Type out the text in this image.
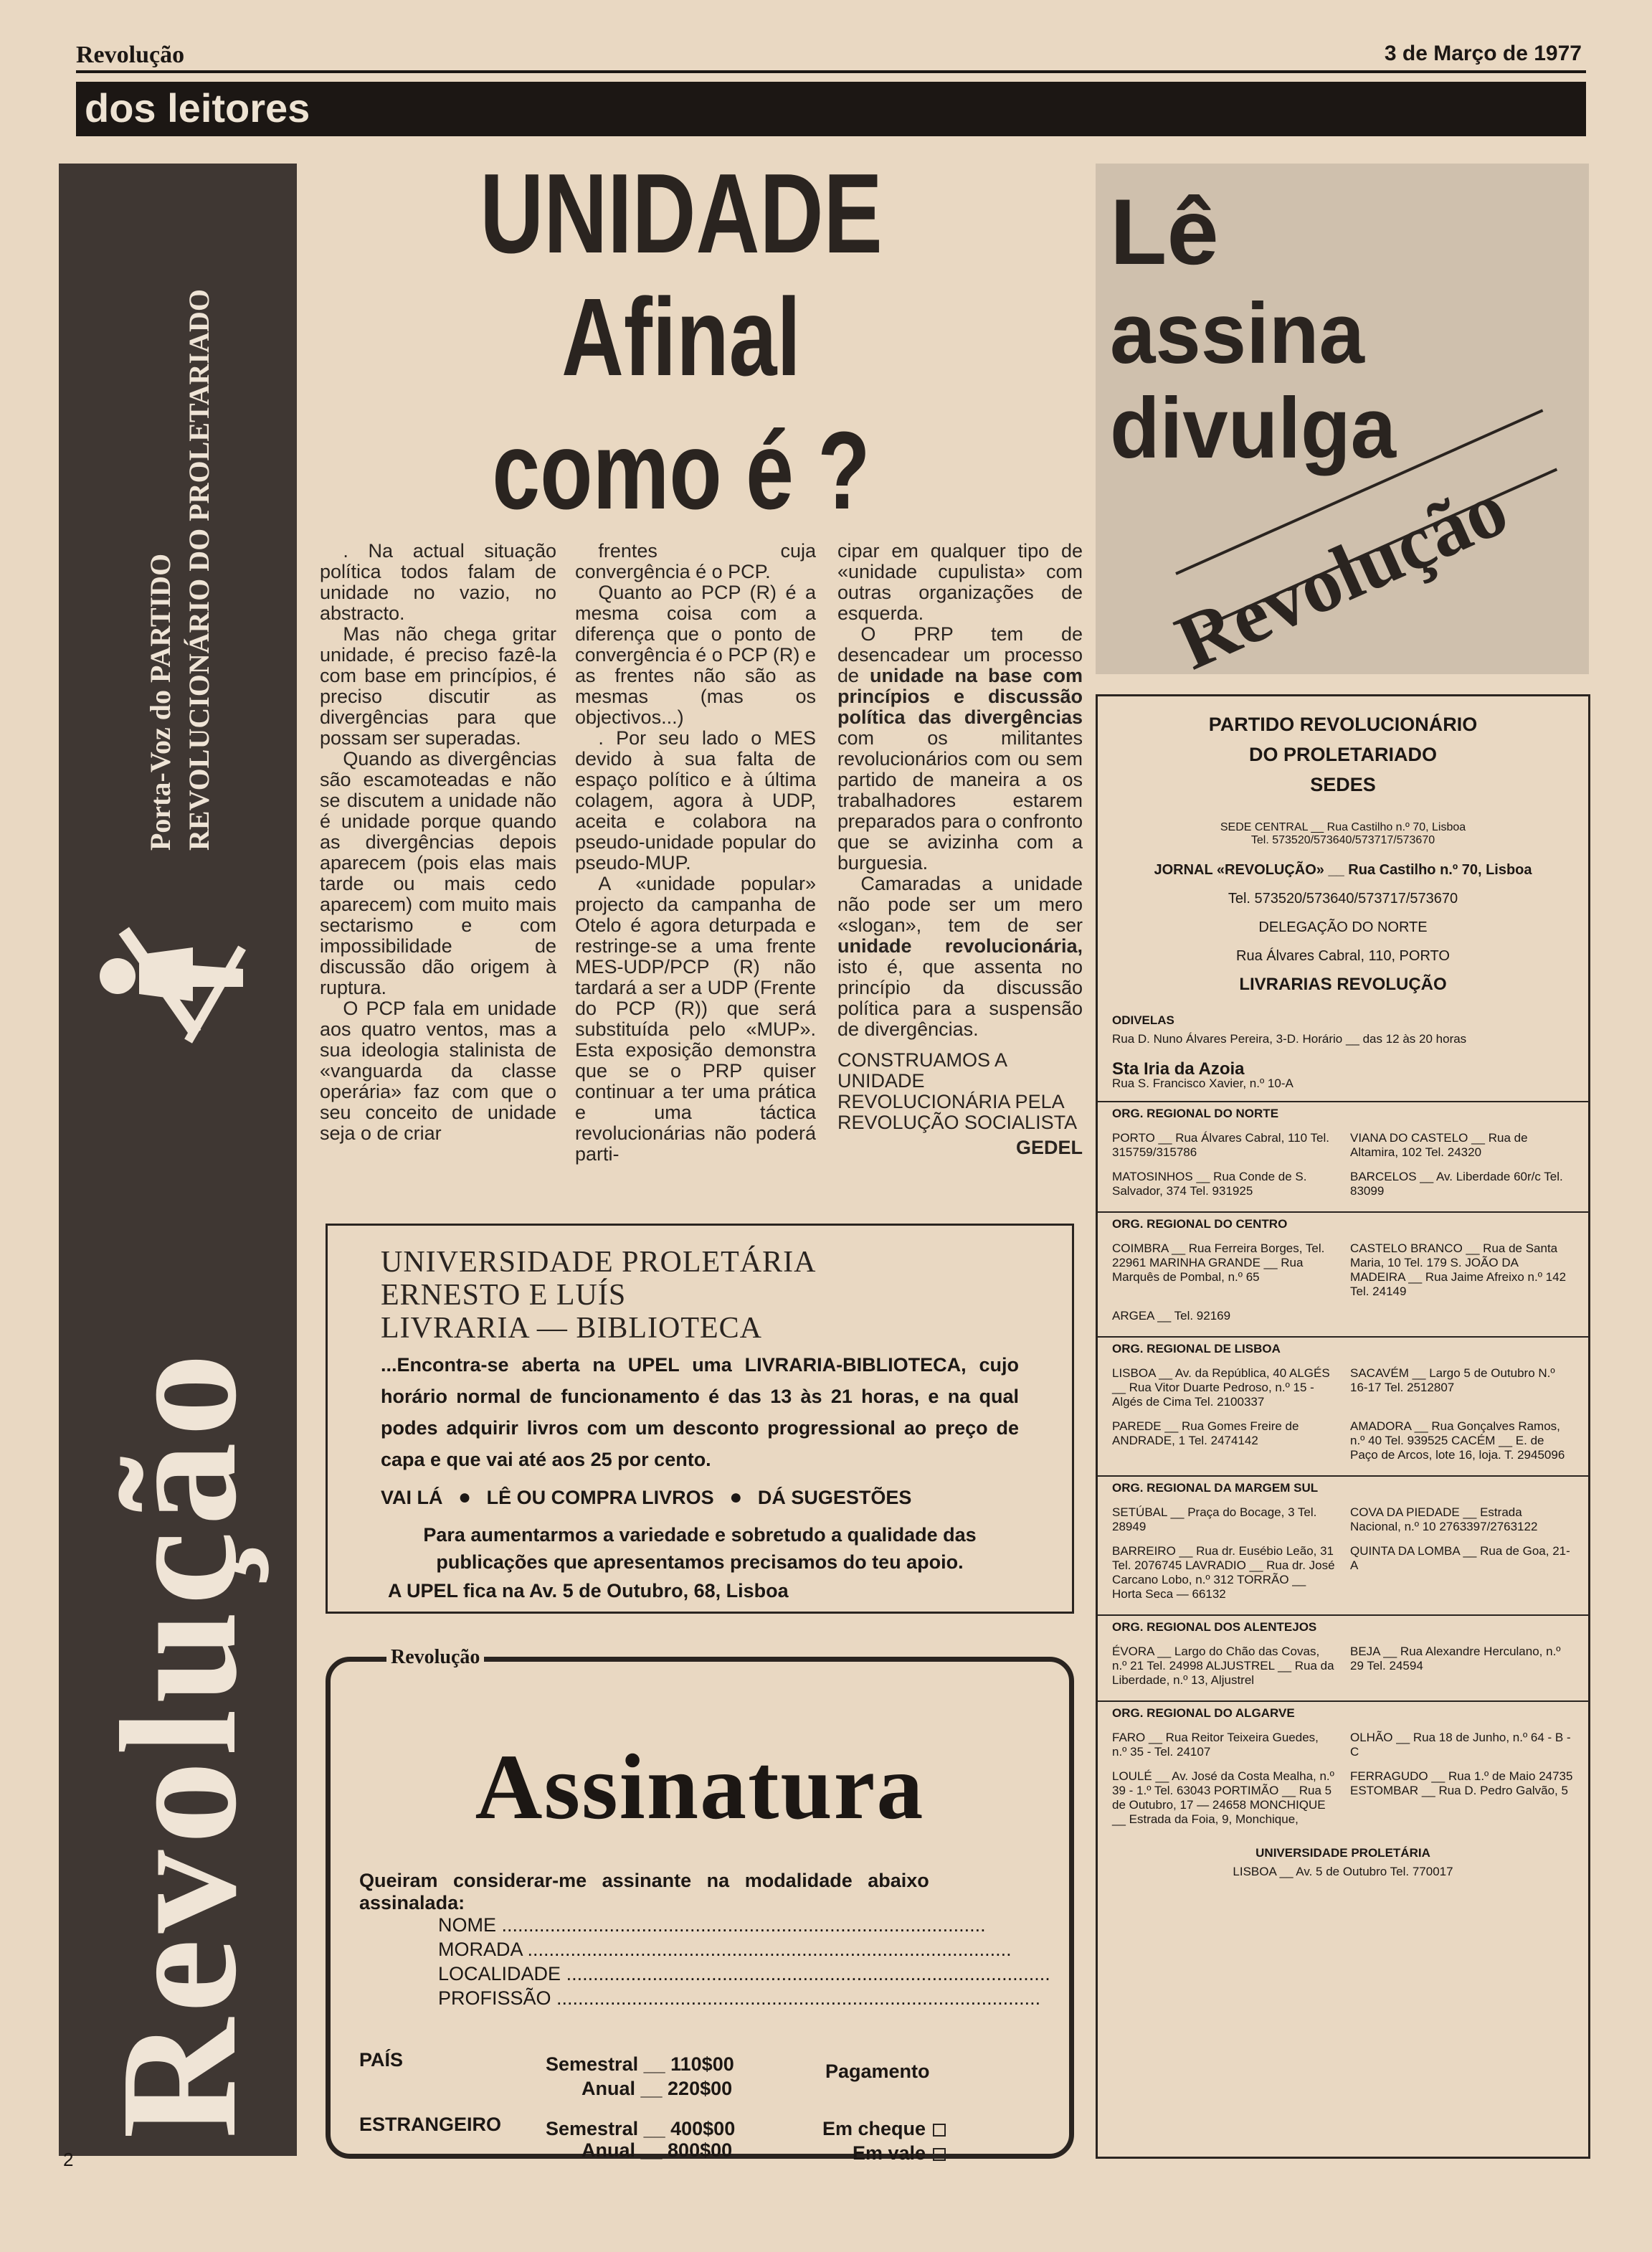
Revolução	3 de Março de 1977
dos leitores
Revolução
Porta-Voz do PARTIDO REVOLUCIONÁRIO DO PROLETARIADO
UNIDADE
Afinal
como é ?

. Na actual situação política todos falam de unidade no vazio, no abstracto.

Mas não chega gritar unidade, é preciso fazê-la com base em princípios, é preciso discutir as divergências para que possam ser superadas.

Quando as divergências são escamoteadas e não se discutem a unidade não é unidade porque quando as divergências depois aparecem (pois elas mais tarde ou mais cedo aparecem) com muito mais sectarismo e com impossibilidade de discussão dão origem à ruptura.

O PCP fala em unidade aos quatro ventos, mas a sua ideologia stalinista de «vanguarda da classe operária» faz com que o seu conceito de unidade seja o de criar

frentes cuja convergência é o PCP.

Quanto ao PCP (R) é a mesma coisa com a diferença que o ponto de convergência é o PCP (R) e as frentes não são as mesmas (mas os objectivos...)

. Por seu lado o MES devido à sua falta de espaço político e à última colagem, agora à UDP, aceita e colabora na pseudo-unidade popular do pseudo-MUP.

A «unidade popular» projecto da campanha de Otelo é agora deturpada e restringe-se a uma frente MES-UDP/PCP (R) não tardará a ser a UDP (Frente do PCP (R)) que será substituída pelo «MUP». Esta exposição demonstra que se o PRP quiser continuar a ter uma prática e uma táctica revolucionárias não poderá parti-

cipar em qualquer tipo de «unidade cupulista» com outras organizações de esquerda.

O PRP tem de desencadear um processo de unidade na base com princípios e discussão política das divergências com os militantes revolucionários com ou sem partido de maneira a os trabalhadores estarem preparados para o confronto que se avizinha com a burguesia.

Camaradas a unidade não pode ser um mero «slogan», tem de ser unidade revolucionária, isto é, que assenta no princípio da discussão política para a suspensão de divergências.

CONSTRUAMOS A UNIDADE REVOLUCIONÁRIA PELA REVOLUÇÃO SOCIALISTA

GEDEL

Lê
assina
divulga
Revolução
PARTIDO REVOLUCIONÁRIO
DO PROLETARIADO
SEDES
SEDE CENTRAL __ Rua Castilho n.º 70, Lisboa
Tel. 573520/573640/573717/573670
JORNAL «REVOLUÇÃO» __ Rua Castilho n.º 70, Lisboa
Tel. 573520/573640/573717/573670
DELEGAÇÃO DO NORTE
Rua Álvares Cabral, 110, PORTO
LIVRARIAS REVOLUÇÃO
ODIVELAS
Rua D. Nuno Álvares Pereira, 3-D. Horário __ das 12 às 20 horas
Sta Iria da Azoia
Rua S. Francisco Xavier, n.º 10-A
ORG. REGIONAL DO NORTE
PORTO __ Rua Álvares Cabral, 110 Tel. 315759/315786
VIANA DO CASTELO __ Rua de Altamira, 102 Tel. 24320
MATOSINHOS __ Rua Conde de S. Salvador, 374 Tel. 931925
BARCELOS __ Av. Liberdade 60r/c Tel. 83099
ORG. REGIONAL DO CENTRO
COIMBRA __ Rua Ferreira Borges, Tel. 22961 MARINHA GRANDE __ Rua Marquês de Pombal, n.º 65
CASTELO BRANCO __ Rua de Santa Maria, 10 Tel. 179 S. JOÃO DA MADEIRA __ Rua Jaime Afreixo n.º 142 Tel. 24149
ARGEA __ Tel. 92169
ORG. REGIONAL DE LISBOA
LISBOA __ Av. da República, 40 ALGÉS __ Rua Vitor Duarte Pedroso, n.º 15 - Algés de Cima Tel. 2100337
SACAVÉM __ Largo 5 de Outubro N.º 16-17 Tel. 2512807
PAREDE __ Rua Gomes Freire de ANDRADE, 1 Tel. 2474142
AMADORA __ Rua Gonçalves Ramos, n.º 40 Tel. 939525 CACÉM __ E. de Paço de Arcos, lote 16, loja. T. 2945096
ORG. REGIONAL DA MARGEM SUL
SETÚBAL __ Praça do Bocage, 3 Tel. 28949
COVA DA PIEDADE __ Estrada Nacional, n.º 10 2763397/2763122
BARREIRO __ Rua dr. Eusébio Leão, 31 Tel. 2076745 LAVRADIO __ Rua dr. José Carcano Lobo, n.º 312 TORRÃO __ Horta Seca — 66132
QUINTA DA LOMBA __ Rua de Goa, 21-A
ORG. REGIONAL DOS ALENTEJOS
ÉVORA __ Largo do Chão das Covas, n.º 21 Tel. 24998 ALJUSTREL __ Rua da Liberdade, n.º 13, Aljustrel
BEJA __ Rua Alexandre Herculano, n.º 29 Tel. 24594
ORG. REGIONAL DO ALGARVE
FARO __ Rua Reitor Teixeira Guedes, n.º 35 - Tel. 24107
OLHÃO __ Rua 18 de Junho, n.º 64 - B - C
LOULÉ __ Av. José da Costa Mealha, n.º 39 - 1.º Tel. 63043 PORTIMÃO __ Rua 5 de Outubro, 17 — 24658 MONCHIQUE __ Estrada da Foia, 9, Monchique,
FERRAGUDO __ Rua 1.º de Maio 24735 ESTOMBAR __ Rua D. Pedro Galvão, 5
UNIVERSIDADE PROLETÁRIA
LISBOA __ Av. 5 de Outubro Tel. 770017
UNIVERSIDADE PROLETÁRIA
ERNESTO E LUÍS
LIVRARIA — BIBLIOTECA
...Encontra-se aberta na UPEL uma LIVRARIA-BIBLIOTECA, cujo horário normal de funcionamento é das 13 às 21 horas, e na qual podes adquirir livros com um desconto progressional ao preço de capa e que vai até aos 25 por cento.
VAI LÁ ● LÊ OU COMPRA LIVROS ● DÁ SUGESTÕES
Para aumentarmos a variedade e sobretudo a qualidade das publicações que apresentamos precisamos do teu apoio.
A UPEL fica na Av. 5 de Outubro, 68, Lisboa
Revolução
Assinatura
Queiram considerar-me assinante na modalidade abaixo assinalada:
NOME ..........................................................................................
MORADA ..........................................................................................
LOCALIDADE ..........................................................................................
PROFISSÃO ..........................................................................................
PAÍS	Semestral __ 110$00
Anual __ 220$00
ESTRANGEIRO Semestral __ 400$00
Anual __ 800$00
Pagamento
Em cheque
Em vale
2
